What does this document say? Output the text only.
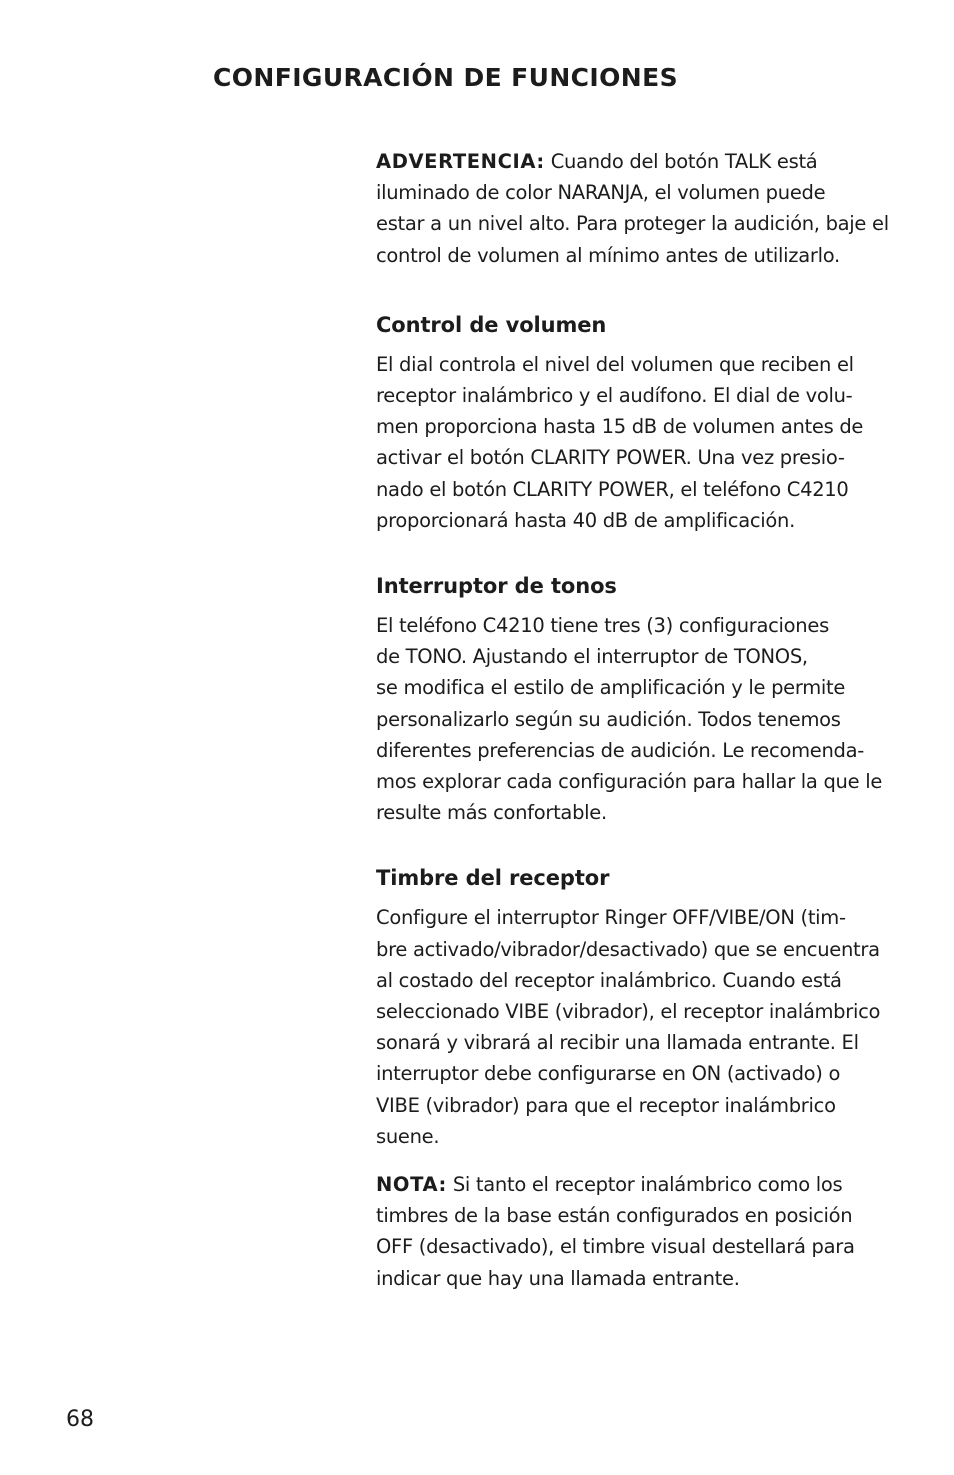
CONFIGURACIÓN DE FUNCIONES

ADVERTENCIA: Cuando del botón TALK está
iluminado de color NARANJA, el volumen puede
estar a un nivel alto. Para proteger la audición, baje el
control de volumen al mínimo antes de utilizarlo.

Control de volumen

El dial controla el nivel del volumen que reciben el
receptor inalámbrico y el audífono. El dial de volu-
men proporciona hasta 15 dB de volumen antes de
activar el botón CLARITY POWER. Una vez presio-
nado el botón CLARITY POWER, el teléfono C4210
proporcionará hasta 40 dB de amplificación.

Interruptor de tonos

El teléfono C4210 tiene tres (3) configuraciones
de TONO. Ajustando el interruptor de TONOS,
se modifica el estilo de amplificación y le permite
personalizarlo según su audición. Todos tenemos
diferentes preferencias de audición. Le recomenda-
mos explorar cada configuración para hallar la que le
resulte más confortable.

Timbre del receptor

Configure el interruptor Ringer OFF/VIBE/ON (tim-
bre activado/vibrador/desactivado) que se encuentra
al costado del receptor inalámbrico. Cuando está
seleccionado VIBE (vibrador), el receptor inalámbrico
sonará y vibrará al recibir una llamada entrante. El
interruptor debe configurarse en ON (activado) o
VIBE (vibrador) para que el receptor inalámbrico
suene.

NOTA: Si tanto el receptor inalámbrico como los
timbres de la base están configurados en posición
OFF (desactivado), el timbre visual destellará para
indicar que hay una llamada entrante.

68
